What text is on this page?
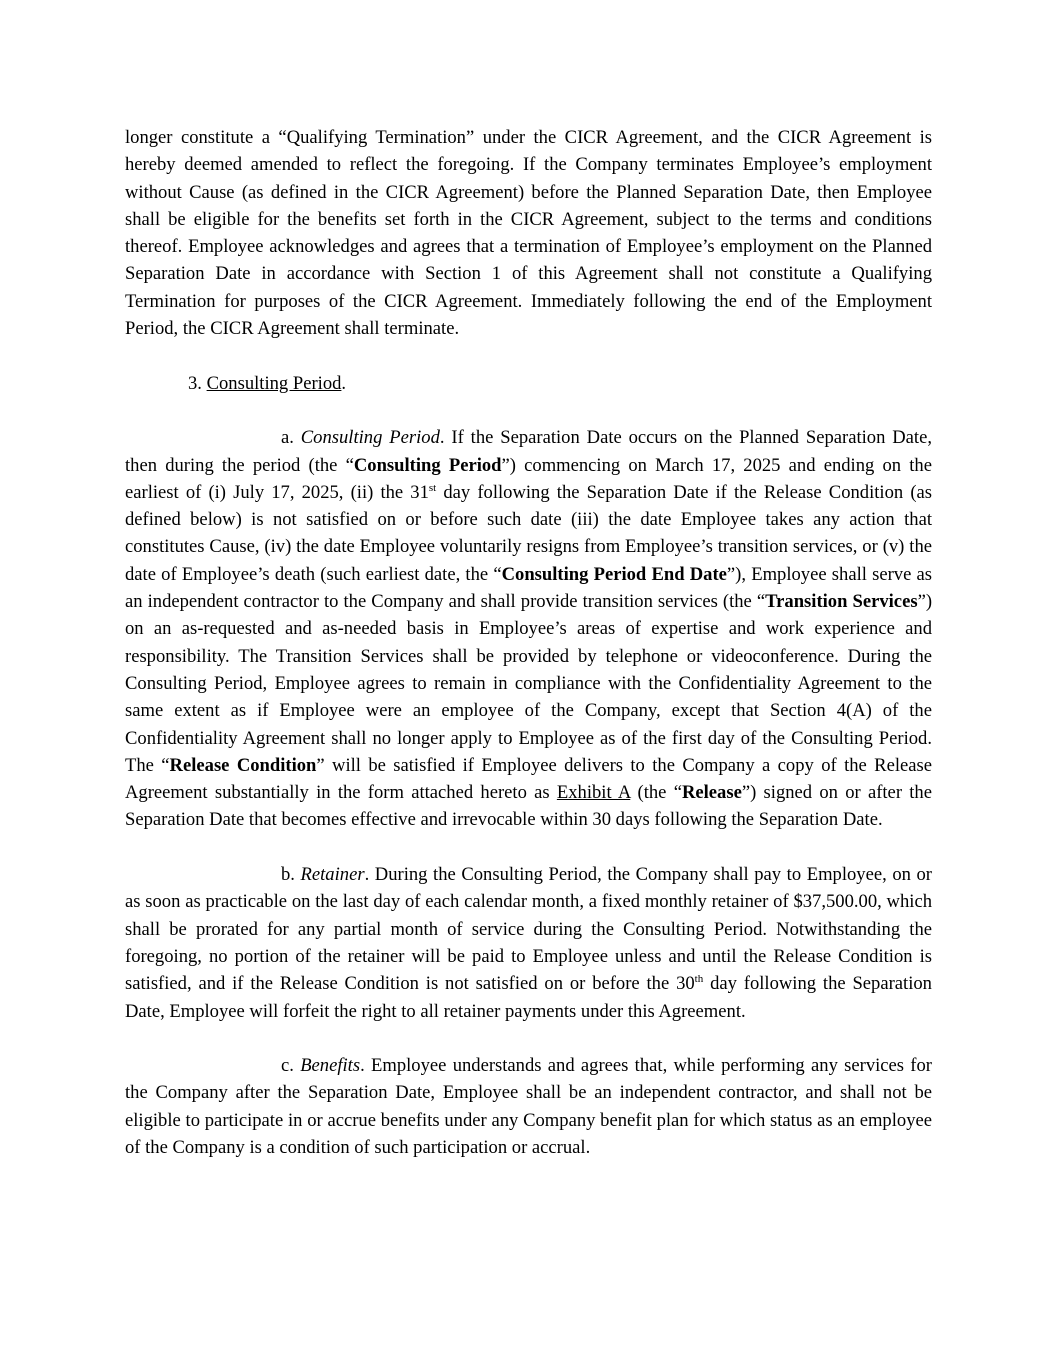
longer constitute a “Qualifying Termination” under the CICR Agreement, and the CICR Agreement is hereby deemed amended to reflect the foregoing. If the Company terminates Employee’s employment without Cause (as defined in the CICR Agreement) before the Planned Separation Date, then Employee shall be eligible for the benefits set forth in the CICR Agreement, subject to the terms and conditions thereof. Employee acknowledges and agrees that a termination of Employee’s employment on the Planned Separation Date in accordance with Section 1 of this Agreement shall not constitute a Qualifying Termination for purposes of the CICR Agreement. Immediately following the end of the Employment Period, the CICR Agreement shall terminate.

3. Consulting Period.

a. Consulting Period. If the Separation Date occurs on the Planned Separation Date, then during the period (the “Consulting Period”) commencing on March 17, 2025 and ending on the earliest of (i) July 17, 2025, (ii) the 31st day following the Separation Date if the Release Condition (as defined below) is not satisfied on or before such date (iii) the date Employee takes any action that constitutes Cause, (iv) the date Employee voluntarily resigns from Employee’s transition services, or (v) the date of Employee’s death (such earliest date, the “Consulting Period End Date”), Employee shall serve as an independent contractor to the Company and shall provide transition services (the “Transition Services”) on an as-requested and as-needed basis in Employee’s areas of expertise and work experience and responsibility. The Transition Services shall be provided by telephone or videoconference. During the Consulting Period, Employee agrees to remain in compliance with the Confidentiality Agreement to the same extent as if Employee were an employee of the Company, except that Section 4(A) of the Confidentiality Agreement shall no longer apply to Employee as of the first day of the Consulting Period. The “Release Condition” will be satisfied if Employee delivers to the Company a copy of the Release Agreement substantially in the form attached hereto as Exhibit A (the “Release”) signed on or after the Separation Date that becomes effective and irrevocable within 30 days following the Separation Date.

b. Retainer. During the Consulting Period, the Company shall pay to Employee, on or as soon as practicable on the last day of each calendar month, a fixed monthly retainer of $37,500.00, which shall be prorated for any partial month of service during the Consulting Period. Notwithstanding the foregoing, no portion of the retainer will be paid to Employee unless and until the Release Condition is satisfied, and if the Release Condition is not satisfied on or before the 30th day following the Separation Date, Employee will forfeit the right to all retainer payments under this Agreement.

c. Benefits. Employee understands and agrees that, while performing any services for the Company after the Separation Date, Employee shall be an independent contractor, and shall not be eligible to participate in or accrue benefits under any Company benefit plan for which status as an employee of the Company is a condition of such participation or accrual.
